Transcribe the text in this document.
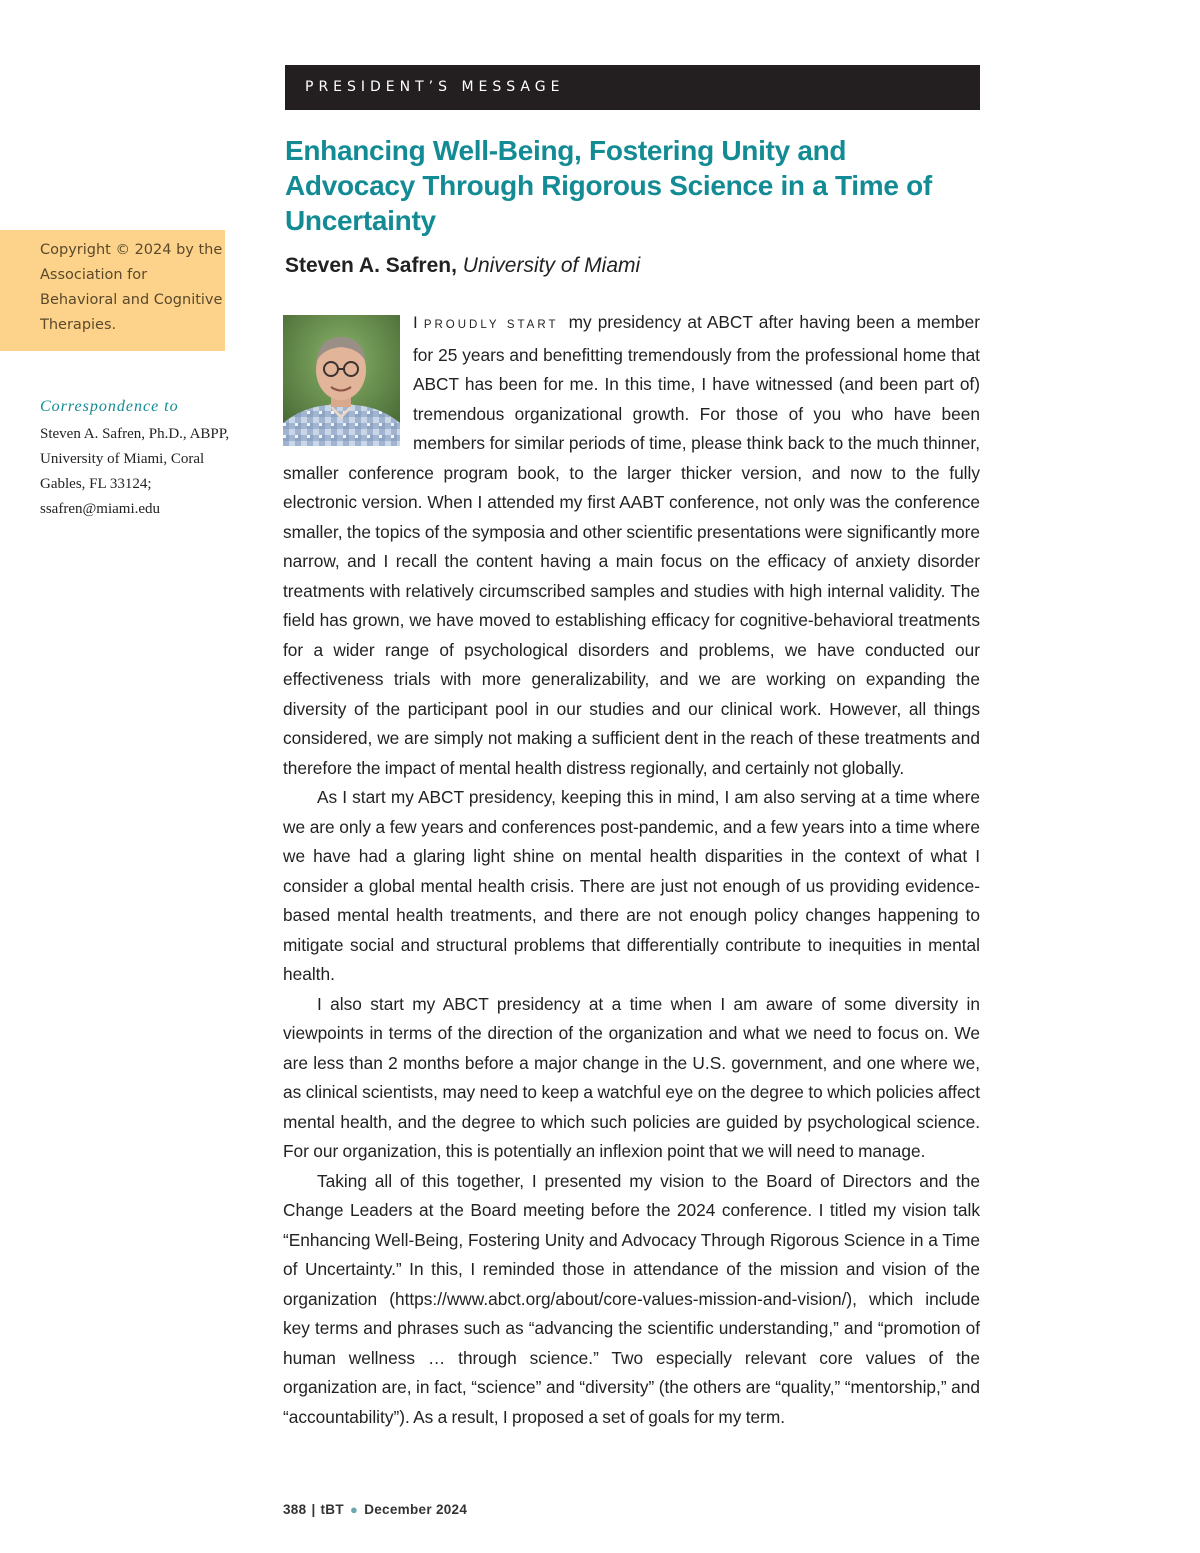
PRESIDENT’S MESSAGE
Enhancing Well-Being, Fostering Unity and Advocacy Through Rigorous Science in a Time of Uncertainty

Steven A. Safren, University of Miami

Copyright © 2024 by the Association for Behavioral and Cognitive Therapies.
Correspondence to
Steven A. Safren, Ph.D., ABPP, University of Miami, Coral Gables, FL 33124; ssafren@miami.edu

I PROUDLY START my presidency at ABCT after having been a member for 25 years and benefitting tremendously from the professional home that ABCT has been for me. In this time, I have witnessed (and been part of) tremendous organizational growth. For those of you who have been members for similar periods of time, please think back to the much thinner, smaller conference program book, to the larger thicker version, and now to the fully electronic version. When I attended my first AABT conference, not only was the conference smaller, the topics of the symposia and other scientific presentations were significantly more narrow, and I recall the content having a main focus on the efficacy of anxiety disorder treatments with relatively circumscribed samples and studies with high internal validity. The field has grown, we have moved to establishing efficacy for cognitive-behavioral treatments for a wider range of psychological disorders and problems, we have conducted our effectiveness trials with more generalizability, and we are working on expanding the diversity of the participant pool in our studies and our clinical work. However, all things considered, we are simply not making a sufficient dent in the reach of these treatments and therefore the impact of mental health distress regionally, and certainly not globally.

As I start my ABCT presidency, keeping this in mind, I am also serving at a time where we are only a few years and conferences post-pandemic, and a few years into a time where we have had a glaring light shine on mental health disparities in the context of what I consider a global mental health crisis. There are just not enough of us providing evidence-based mental health treatments, and there are not enough policy changes happening to mitigate social and structural problems that differentially contribute to inequities in mental health.

I also start my ABCT presidency at a time when I am aware of some diversity in viewpoints in terms of the direction of the organization and what we need to focus on. We are less than 2 months before a major change in the U.S. government, and one where we, as clinical scientists, may need to keep a watchful eye on the degree to which policies affect mental health, and the degree to which such policies are guided by psychological science. For our organization, this is potentially an inflexion point that we will need to manage.

Taking all of this together, I presented my vision to the Board of Directors and the Change Leaders at the Board meeting before the 2024 conference. I titled my vision talk “Enhancing Well-Being, Fostering Unity and Advocacy Through Rigorous Science in a Time of Uncertainty.” In this, I reminded those in attendance of the mission and vision of the organization (https://www.abct.org/about/core-values-mission-and-vision/), which include key terms and phrases such as “advancing the scientific understanding,” and “promotion of human wellness … through science.” Two especially relevant core values of the organization are, in fact, “science” and “diversity” (the others are “quality,” “mentorship,” and “accountability”). As a result, I proposed a set of goals for my term.

388 | tBT ● December 2024
